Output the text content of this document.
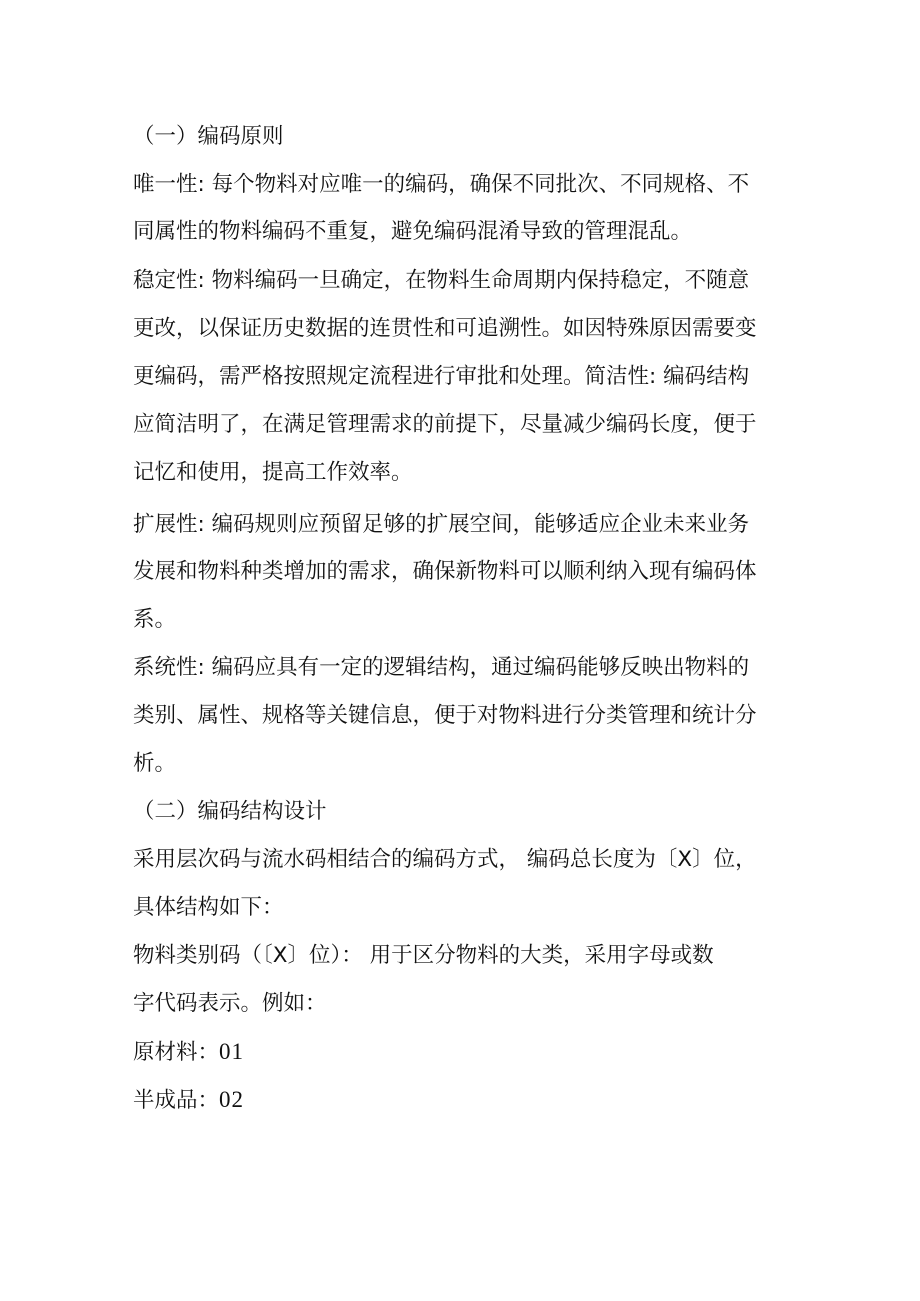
（一）编码原则
唯一性: 每个物料对应唯一的编码，确保不同批次、不同规格、不
同属性的物料编码不重复，避免编码混淆导致的管理混乱。
稳定性: 物料编码一旦确定，在物料生命周期内保持稳定，不随意
更改，以保证历史数据的连贯性和可追溯性。如因特殊原因需要变
更编码，需严格按照规定流程进行审批和处理。简洁性: 编码结构
应简洁明了，在满足管理需求的前提下，尽量减少编码长度，便于
记忆和使用，提高工作效率。
扩展性: 编码规则应预留足够的扩展空间，能够适应企业未来业务
发展和物料种类增加的需求，确保新物料可以顺利纳入现有编码体
系。
系统性: 编码应具有一定的逻辑结构，通过编码能够反映出物料的
类别、属性、规格等关键信息，便于对物料进行分类管理和统计分
析。
（二）编码结构设计
采用层次码与流水码相结合的编码方式， 编码总长度为〔X〕位，
具体结构如下：
物料类别码（〔X〕位）： 用于区分物料的大类，采用字母或数
字代码表示。例如：
原材料：01
半成品：02
